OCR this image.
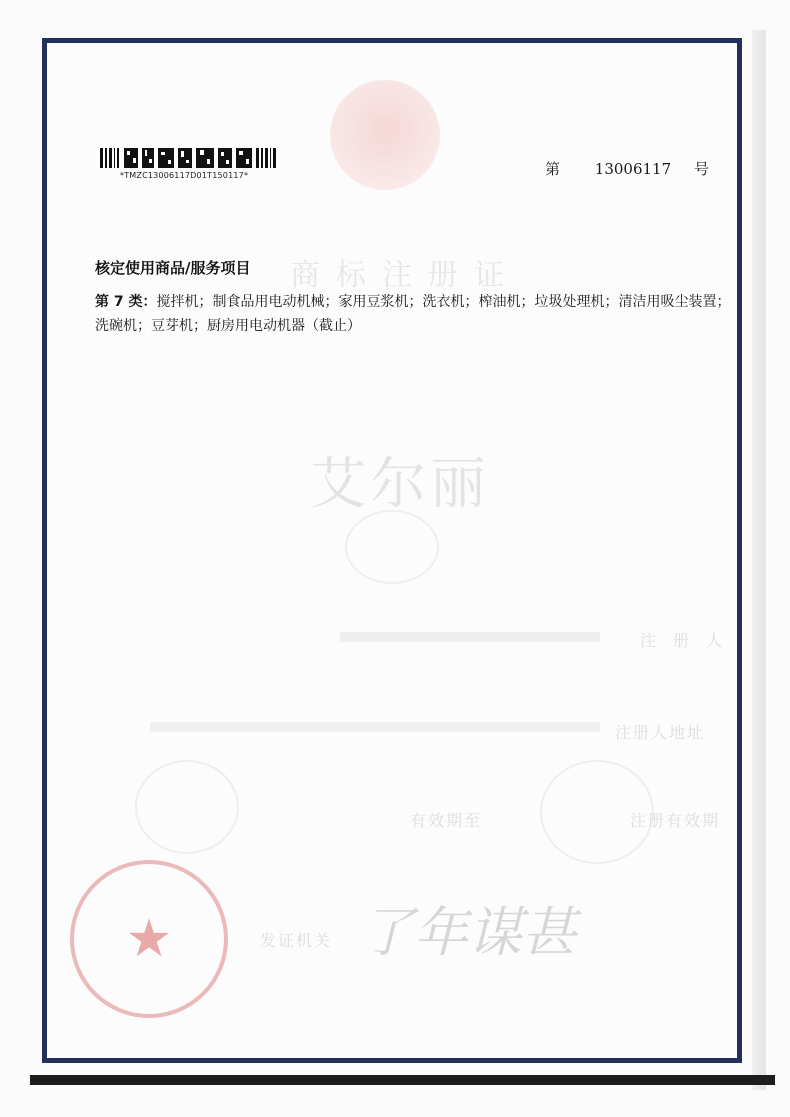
商标注册证
艾尔丽
注 册 人
注册人地址
注册有效期
有效期至
发证机关
★	了年谋甚
*TMZC13006117D01T150117*	第 13006117 号
核定使用商品/服务项目
第 7 类：搅拌机；制食品用电动机械；家用豆浆机；洗衣机；榨油机；垃圾处理机；清洁用吸尘装置；洗碗机；豆芽机；厨房用电动机器（截止）
